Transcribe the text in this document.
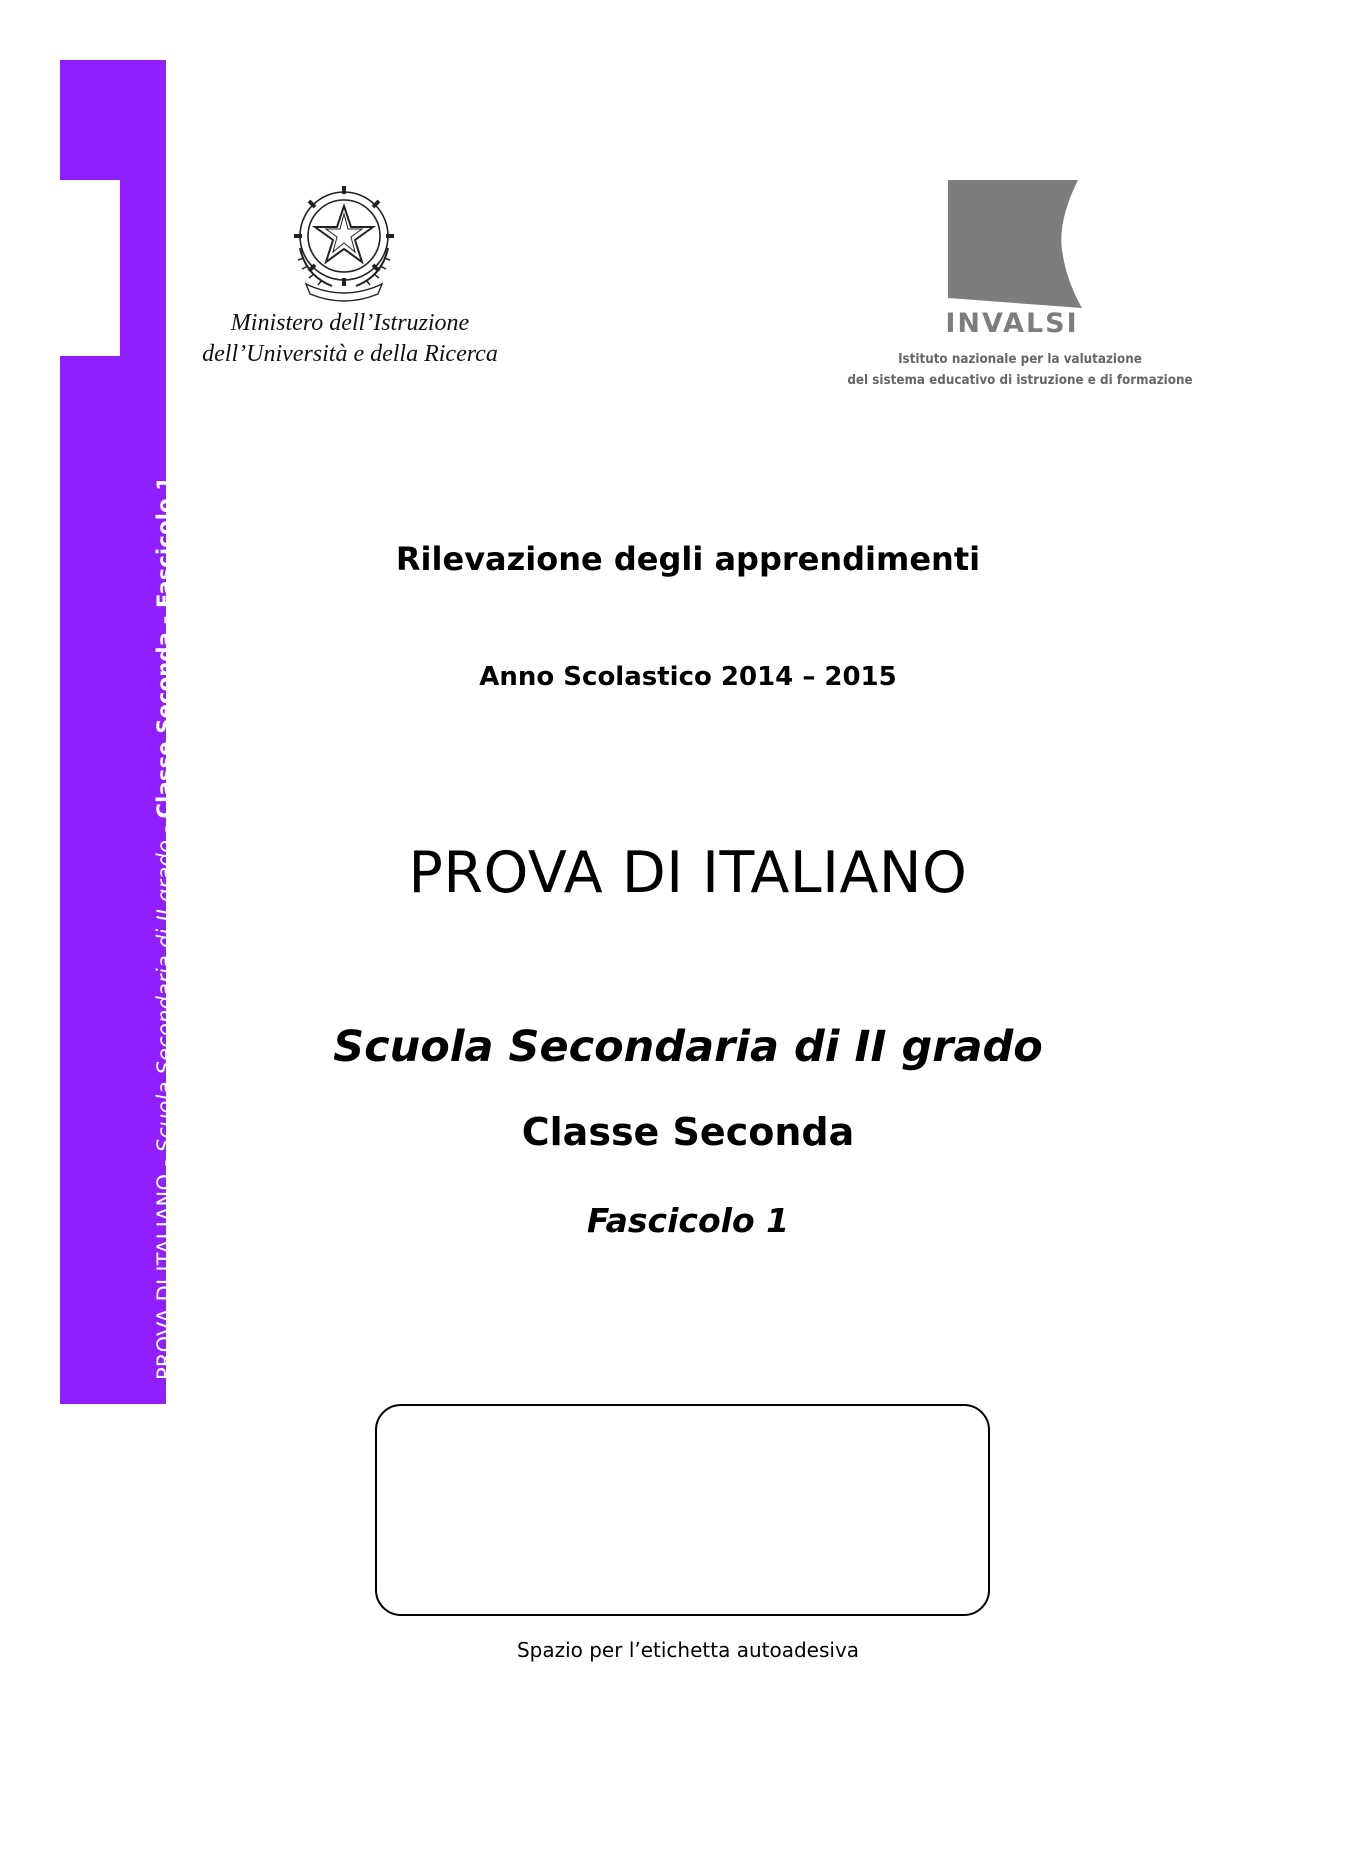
PROVA DI ITALIANO - Scuola Secondaria di II grado - Classe Seconda - Fascicolo 1
Ministero dell’Istruzione
dell’Università e della Ricerca
INVALSI
Istituto nazionale per la valutazione
del sistema educativo di istruzione e di formazione
Rilevazione degli apprendimenti
Anno Scolastico 2014 – 2015
PROVA DI ITALIANO
Scuola Secondaria di II grado
Classe Seconda
Fascicolo 1
Spazio per l’etichetta autoadesiva
